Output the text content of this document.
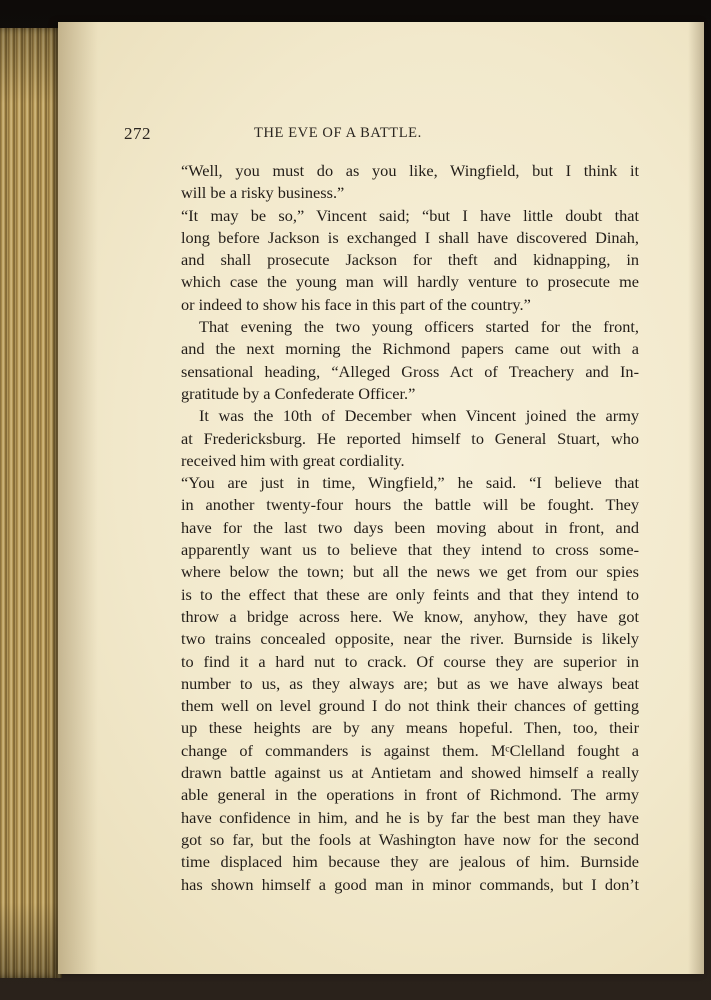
272	THE EVE OF A BATTLE.
“Well, you must do as you like, Wingfield, but I think it
will be a risky business.”
“It may be so,” Vincent said; “but I have little doubt that
long before Jackson is exchanged I shall have discovered Dinah,
and shall prosecute Jackson for theft and kidnapping, in
which case the young man will hardly venture to prosecute me
or indeed to show his face in this part of the country.”
That evening the two young officers started for the front,
and the next morning the Richmond papers came out with a
sensational heading, “Alleged Gross Act of Treachery and In-
gratitude by a Confederate Officer.”
It was the 10th of December when Vincent joined the army
at Fredericksburg. He reported himself to General Stuart, who
received him with great cordiality.
“You are just in time, Wingfield,” he said. “I believe that
in another twenty-four hours the battle will be fought. They
have for the last two days been moving about in front, and
apparently want us to believe that they intend to cross some-
where below the town; but all the news we get from our spies
is to the effect that these are only feints and that they intend to
throw a bridge across here. We know, anyhow, they have got
two trains concealed opposite, near the river. Burnside is likely
to find it a hard nut to crack. Of course they are superior in
number to us, as they always are; but as we have always beat
them well on level ground I do not think their chances of getting
up these heights are by any means hopeful. Then, too, their
change of commanders is against them. MᶜClelland fought a
drawn battle against us at Antietam and showed himself a really
able general in the operations in front of Richmond. The army
have confidence in him, and he is by far the best man they have
got so far, but the fools at Washington have now for the second
time displaced him because they are jealous of him. Burnside
has shown himself a good man in minor commands, but I don’t
